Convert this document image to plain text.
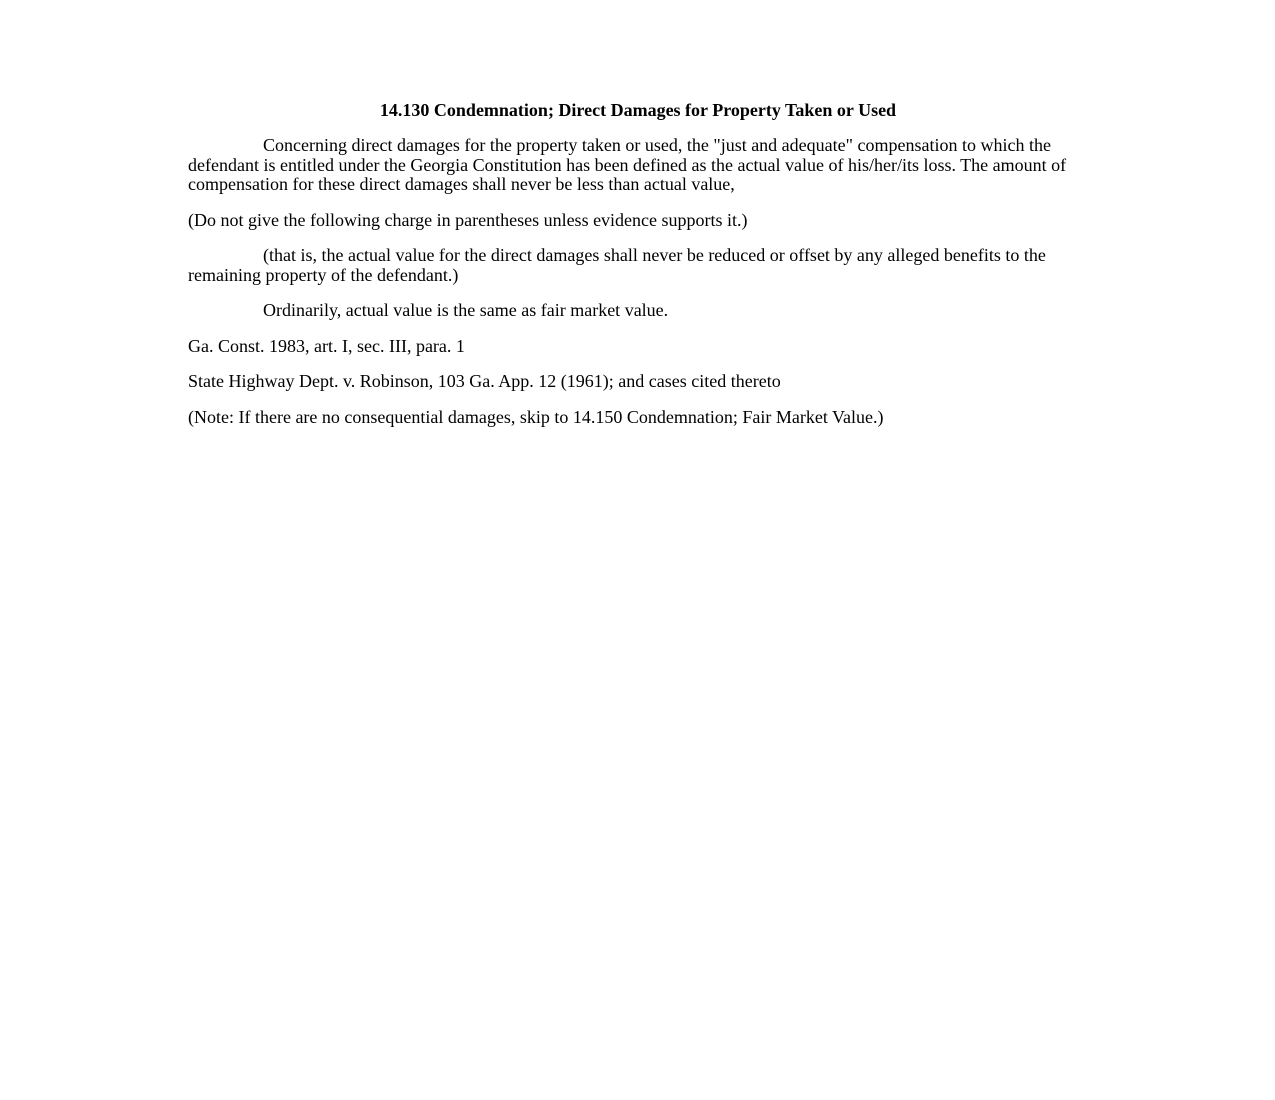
14.130 Condemnation; Direct Damages for Property Taken or Used

Concerning direct damages for the property taken or used, the "just and adequate" compensation to which the defendant is entitled under the Georgia Constitution has been defined as the actual value of his/her/its loss. The amount of compensation for these direct damages shall never be less than actual value,

(Do not give the following charge in parentheses unless evidence supports it.)

(that is, the actual value for the direct damages shall never be reduced or offset by any alleged benefits to the remaining property of the defendant.)

Ordinarily, actual value is the same as fair market value.

Ga. Const. 1983, art. I, sec. III, para. 1

State Highway Dept. v. Robinson, 103 Ga. App. 12 (1961); and cases cited thereto

(Note: If there are no consequential damages, skip to 14.150 Condemnation; Fair Market Value.)
